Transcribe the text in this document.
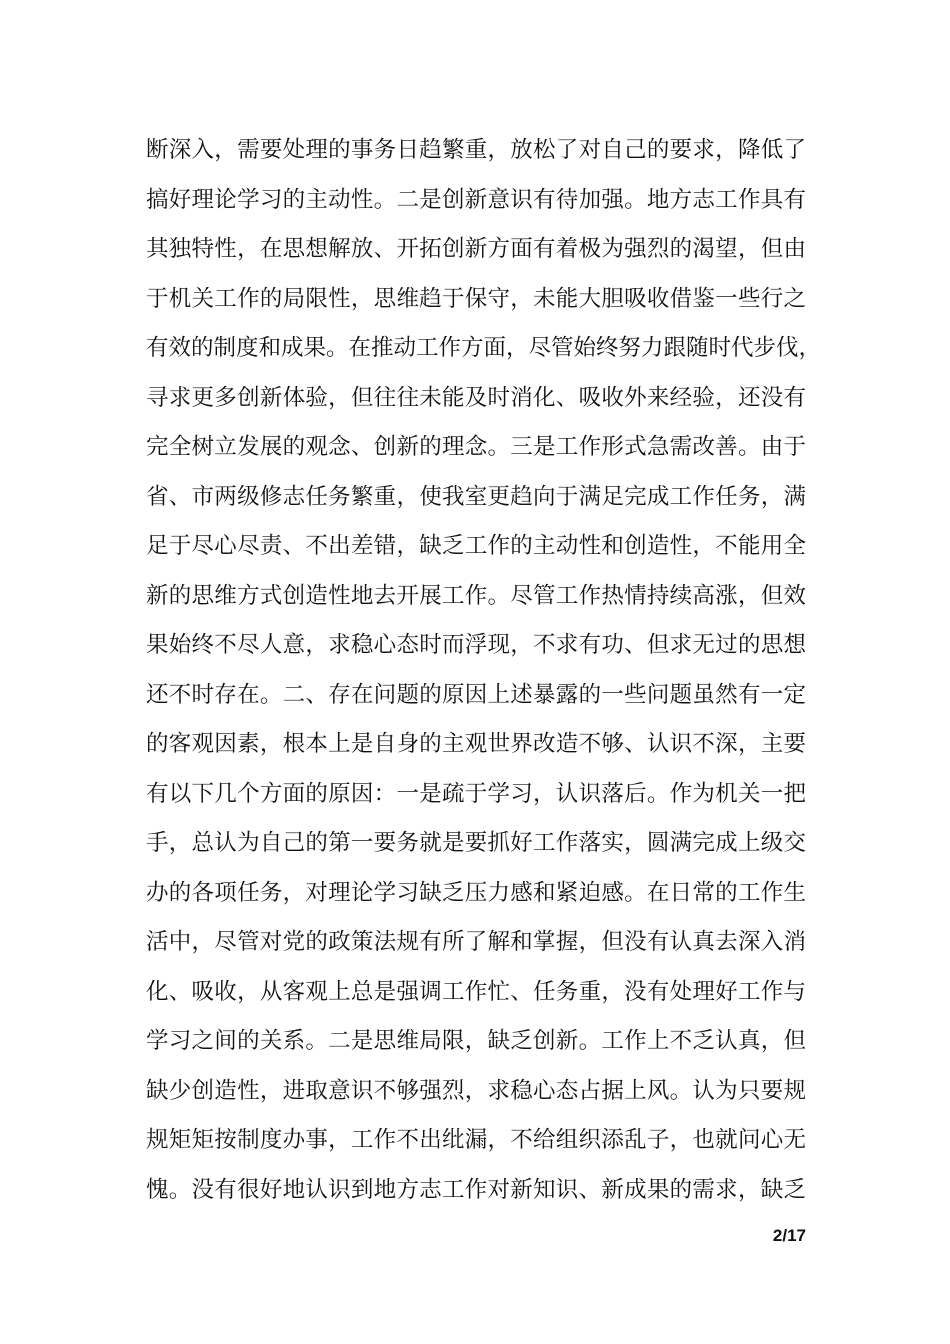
断深入，需要处理的事务日趋繁重，放松了对自己的要求，降低了
搞好理论学习的主动性。二是创新意识有待加强。地方志工作具有
其独特性，在思想解放、开拓创新方面有着极为强烈的渴望，但由
于机关工作的局限性，思维趋于保守，未能大胆吸收借鉴一些行之
有效的制度和成果。在推动工作方面，尽管始终努力跟随时代步伐，
寻求更多创新体验，但往往未能及时消化、吸收外来经验，还没有
完全树立发展的观念、创新的理念。三是工作形式急需改善。由于
省、市两级修志任务繁重，使我室更趋向于满足完成工作任务，满
足于尽心尽责、不出差错，缺乏工作的主动性和创造性，不能用全
新的思维方式创造性地去开展工作。尽管工作热情持续高涨，但效
果始终不尽人意，求稳心态时而浮现，不求有功、但求无过的思想
还不时存在。二、存在问题的原因上述暴露的一些问题虽然有一定
的客观因素，根本上是自身的主观世界改造不够、认识不深，主要
有以下几个方面的原因：一是疏于学习，认识落后。作为机关一把
手，总认为自己的第一要务就是要抓好工作落实，圆满完成上级交
办的各项任务，对理论学习缺乏压力感和紧迫感。在日常的工作生
活中，尽管对党的政策法规有所了解和掌握，但没有认真去深入消
化、吸收，从客观上总是强调工作忙、任务重，没有处理好工作与
学习之间的关系。二是思维局限，缺乏创新。工作上不乏认真，但
缺少创造性，进取意识不够强烈，求稳心态占据上风。认为只要规
规矩矩按制度办事，工作不出纰漏，不给组织添乱子，也就问心无
愧。没有很好地认识到地方志工作对新知识、新成果的需求，缺乏
2/17
